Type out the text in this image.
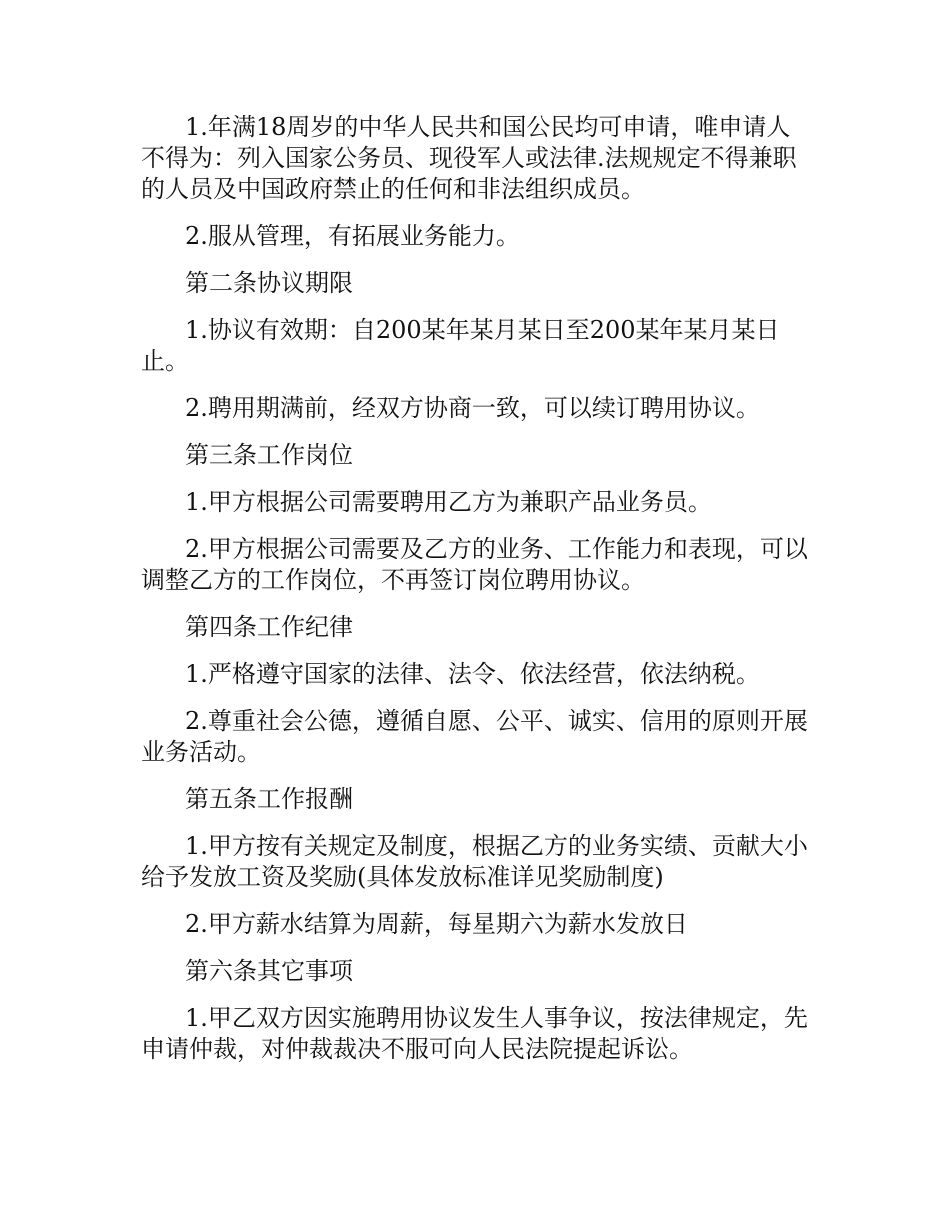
1.年满18周岁的中华人民共和国公民均可申请，唯申请人不得为：列入国家公务员、现役军人或法律.法规规定不得兼职的人员及中国政府禁止的任何和非法组织成员。

2.服从管理，有拓展业务能力。

第二条协议期限

1.协议有效期：自200某年某月某日至200某年某月某日止。

2.聘用期满前，经双方协商一致，可以续订聘用协议。

第三条工作岗位

1.甲方根据公司需要聘用乙方为兼职产品业务员。

2.甲方根据公司需要及乙方的业务、工作能力和表现，可以调整乙方的工作岗位，不再签订岗位聘用协议。

第四条工作纪律

1.严格遵守国家的法律、法令、依法经营，依法纳税。

2.尊重社会公德，遵循自愿、公平、诚实、信用的原则开展业务活动。

第五条工作报酬

1.甲方按有关规定及制度，根据乙方的业务实绩、贡献大小给予发放工资及奖励(具体发放标准详见奖励制度)

2.甲方薪水结算为周薪，每星期六为薪水发放日

第六条其它事项

1.甲乙双方因实施聘用协议发生人事争议，按法律规定，先申请仲裁，对仲裁裁决不服可向人民法院提起诉讼。
